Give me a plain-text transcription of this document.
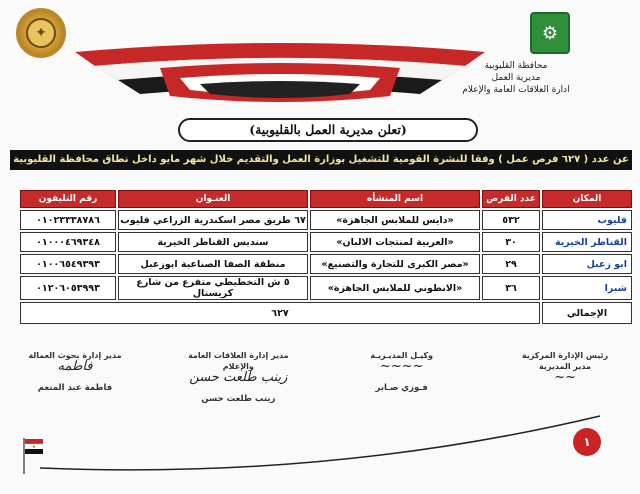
✦	⚙
محافظة القليوبية
مديرية العمل
ادارة العلاقات العامة والإعلام
(تعلن مديرية العمل بالقليوبية)
عن عدد ( ٦٢٧ فرص عمل ) وفقا للنشرة القومية للتشغيل بوزارة العمل والتقديم خلال شهر مايو داخل نطاق محافظة القليوبية
المكان	عدد الفرص	اسم المنشأه	العنـوان	رقم التليفون
قليوب	٥٣٢	«دايس للملابس الجاهزة»	٦٧ طريق مصر اسكندرية الزراعي قليوب	٠١٠٢٣٣٣٨٧٨٦
القناطر الخيرية	٣٠	«العربية لمنتجات الالبان»	سنديس القناطر الخيرية	٠١٠٠٠٤٦٩٣٤٨
ابو زعبل	٢٩	«مصر الكبرى للتجارة والتصنيع»	منطقة الصفا الصناعية ابوزعبل	٠١٠٠٦٥٤٩٣٩٣
شبرا	٣٦	«الانطوني للملابس الجاهزة»	٥ ش التخطيطي متفرع من شارع كريستال	٠١٢٠٦٠٥٣٩٩٣
الإجمالي	٦٢٧			
مدير إدارة بحوث العمالة
فاطمه
فاطمة عبد المنعم
مدير إدارة العلاقات العامة والإعلام
زينب طلعت حسن
زينب طلعت حسن
وكيـل المديـريـة
~~~~
فـوزي صـابر
رئيس الإدارة المركزية
مدير المديرية
~~
١
